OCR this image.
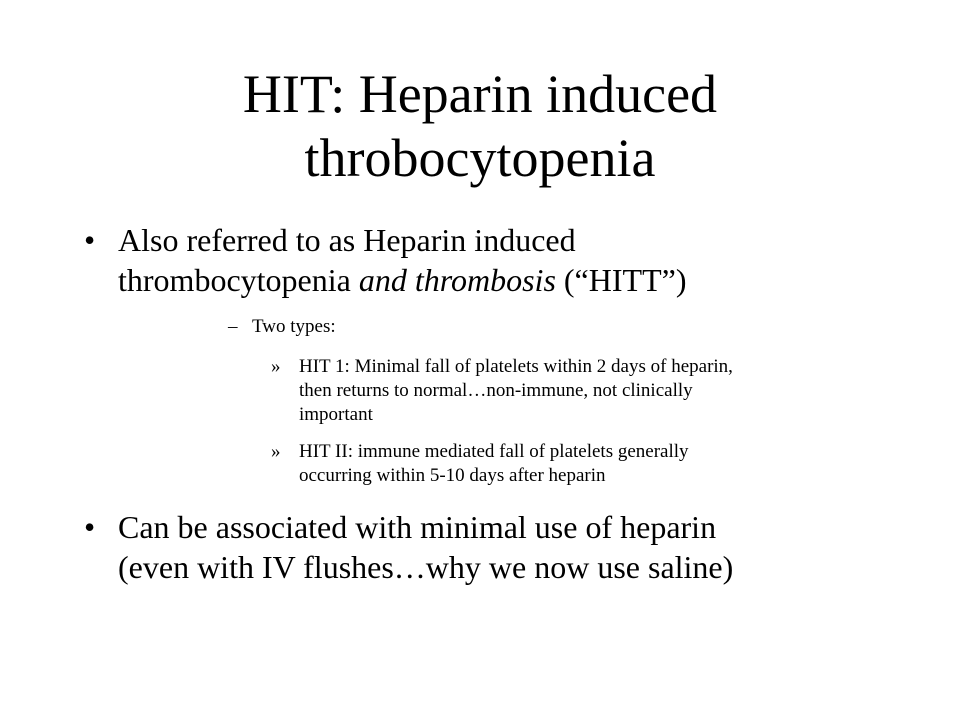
HIT: Heparin induced
throbocytopenia
• Also referred to as Heparin induced
thrombocytopenia and thrombosis (“HITT”)
– Two types:
» HIT 1: Minimal fall of platelets within 2 days of heparin,
then returns to normal…non-immune, not clinically
important
» HIT II: immune mediated fall of platelets generally
occurring within 5-10 days after heparin
• Can be associated with minimal use of heparin
(even with IV flushes…why we now use saline)
